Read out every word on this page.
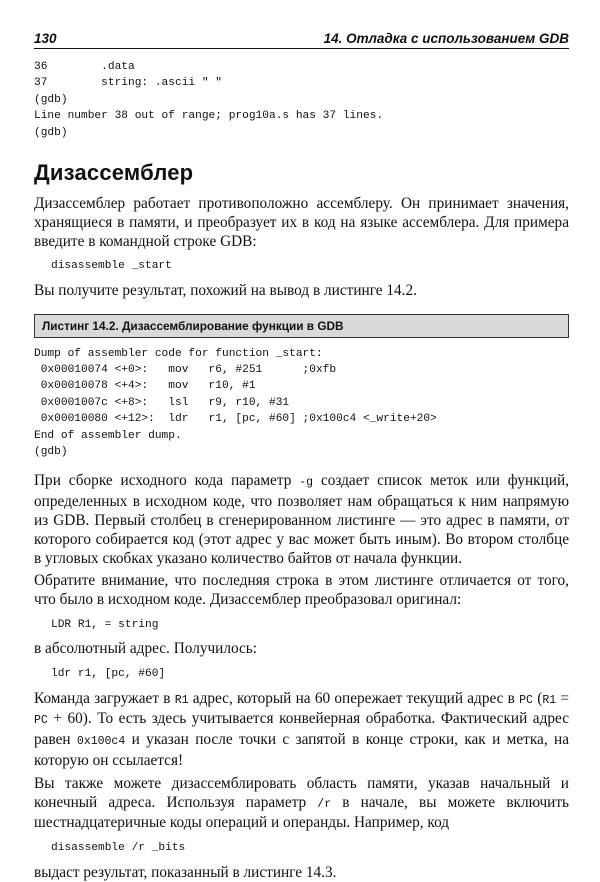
130	14. Отладка с использованием GDB
36        .data
37        string: .ascii " "
(gdb)
Line number 38 out of range; prog10a.s has 37 lines.
(gdb)
Дизассемблер

Дизассемблер работает противоположно ассемблеру. Он принимает значения, хранящиеся в памяти, и преобразует их в код на языке ассемблера. Для примера введите в командной строке GDB:

disassemble _start

Вы получите результат, похожий на вывод в листинге 14.2.

Листинг 14.2. Дизассемблирование функции в GDB
Dump of assembler code for function _start:
0x00010074 <+0>:   mov   r6, #251      ;0xfb
0x00010078 <+4>:   mov   r10, #1
0x0001007c <+8>:   lsl   r9, r10, #31
0x00010080 <+12>:  ldr   r1, [pc, #60] ;0x100c4 <_write+20>
End of assembler dump.
(gdb)

При сборке исходного кода параметр -g создает список меток или функций, определенных в исходном коде, что позволяет нам обращаться к ним напрямую из GDB. Первый столбец в сгенерированном листинге — это адрес в памяти, от которого собирается код (этот адрес у вас может быть иным). Во втором столбце в угловых скобках указано количество байтов от начала функции.

Обратите внимание, что последняя строка в этом листинге отличается от того, что было в исходном коде. Дизассемблер преобразовал оригинал:

LDR R1, = string

в абсолютный адрес. Получилось:

ldr r1, [pc, #60]

Команда загружает в R1 адрес, который на 60 опережает текущий адрес в PC (R1 = PC + 60). То есть здесь учитывается конвейерная обработка. Фактический адрес равен 0x100c4 и указан после точки с запятой в конце строки, как и метка, на которую он ссылается!

Вы также можете дизассемблировать область памяти, указав начальный и конечный адреса. Используя параметр /r в начале, вы можете включить шестнадцатеричные коды операций и операнды. Например, код

disassemble /r _bits

выдаст результат, показанный в листинге 14.3.
